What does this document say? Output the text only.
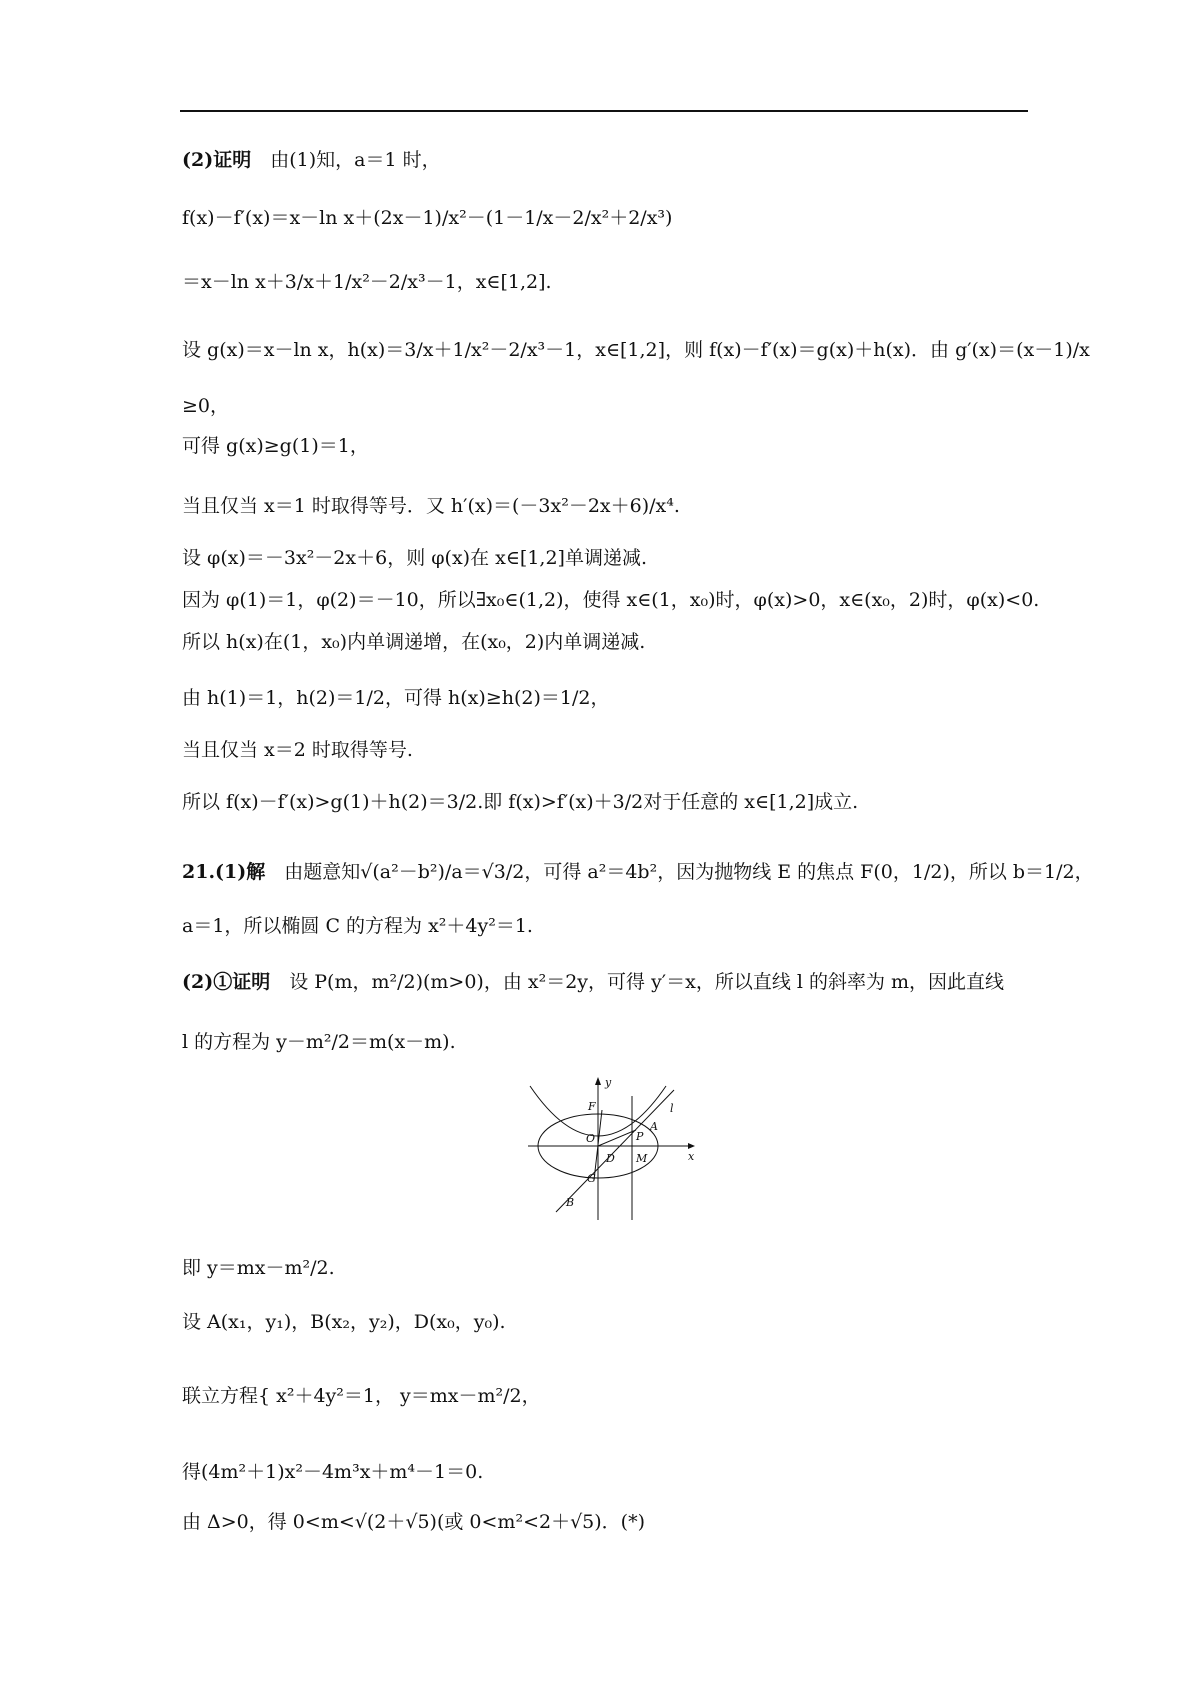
(2)证明　由(1)知，a＝1 时，
f(x)－f′(x)＝x－ln x＋(2x－1)/x²－(1－1/x－2/x²＋2/x³)
＝x－ln x＋3/x＋1/x²－2/x³－1，x∈[1,2].
设 g(x)＝x－ln x，h(x)＝3/x＋1/x²－2/x³－1，x∈[1,2]，则 f(x)－f′(x)＝g(x)＋h(x)．由 g′(x)＝(x－1)/x
≥0，
可得 g(x)≥g(1)＝1，
当且仅当 x＝1 时取得等号．又 h′(x)＝(－3x²－2x＋6)/x⁴.
设 φ(x)＝－3x²－2x＋6，则 φ(x)在 x∈[1,2]单调递减.
因为 φ(1)＝1，φ(2)＝－10，所以∃x₀∈(1,2)，使得 x∈(1，x₀)时，φ(x)>0，x∈(x₀，2)时，φ(x)<0.
所以 h(x)在(1，x₀)内单调递增，在(x₀，2)内单调递减.
由 h(1)＝1，h(2)＝1/2，可得 h(x)≥h(2)＝1/2，
当且仅当 x＝2 时取得等号.
所以 f(x)－f′(x)>g(1)＋h(2)＝3/2.即 f(x)>f′(x)＋3/2对于任意的 x∈[1,2]成立.
21.(1)解　由题意知√(a²－b²)/a＝√3/2，可得 a²＝4b²，因为抛物线 E 的焦点 F(0，1/2)，所以 b＝1/2，
a＝1，所以椭圆 C 的方程为 x²＋4y²＝1.
(2)①证明　设 P(m，m²/2)(m>0)，由 x²＝2y，可得 y′＝x，所以直线 l 的斜率为 m，因此直线
l 的方程为 y－m²/2＝m(x－m).
y
x
F
O	P
A
l
D M
G
B
即 y＝mx－m²/2.
设 A(x₁，y₁)，B(x₂，y₂)，D(x₀，y₀).
联立方程{ x²＋4y²＝1， y＝mx－m²/2，
得(4m²＋1)x²－4m³x＋m⁴－1＝0.
由 Δ>0，得 0<m<√(2＋√5)(或 0<m²<2＋√5)．(*)
